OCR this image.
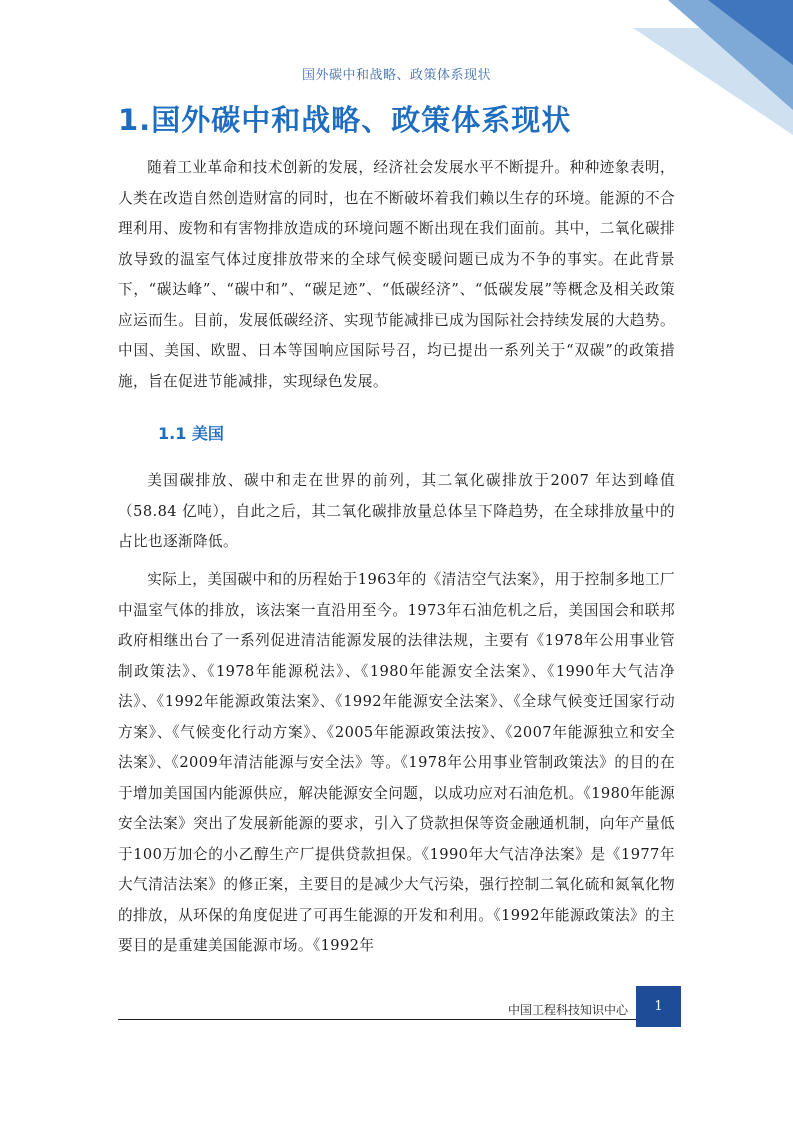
国外碳中和战略、政策体系现状
1.国外碳中和战略、政策体系现状

随着工业革命和技术创新的发展，经济社会发展水平不断提升。种种迹象表明，人类在改造自然创造财富的同时，也在不断破坏着我们赖以生存的环境。能源的不合理利用、废物和有害物排放造成的环境问题不断出现在我们面前。其中，二氧化碳排放导致的温室气体过度排放带来的全球气候变暖问题已成为不争的事实。在此背景下，“碳达峰”、“碳中和”、“碳足迹”、“低碳经济”、“低碳发展”等概念及相关政策应运而生。目前，发展低碳经济、实现节能减排已成为国际社会持续发展的大趋势。中国、美国、欧盟、日本等国响应国际号召，均已提出一系列关于“双碳”的政策措施，旨在促进节能减排，实现绿色发展。

1.1 美国

美国碳排放、碳中和走在世界的前列，其二氧化碳排放于2007 年达到峰值（58.84 亿吨），自此之后，其二氧化碳排放量总体呈下降趋势，在全球排放量中的占比也逐渐降低。

实际上，美国碳中和的历程始于1963年的《清洁空气法案》，用于控制多地工厂中温室气体的排放，该法案一直沿用至今。1973年石油危机之后，美国国会和联邦政府相继出台了一系列促进清洁能源发展的法律法规，主要有《1978年公用事业管制政策法》、《1978年能源税法》、《1980年能源安全法案》、《1990年大气洁净法》、《1992年能源政策法案》、《1992年能源安全法案》、《全球气候变迁国家行动方案》、《气候变化行动方案》、《2005年能源政策法按》、《2007年能源独立和安全法案》、《2009年清洁能源与安全法》等。《1978年公用事业管制政策法》的目的在于增加美国国内能源供应，解决能源安全问题，以成功应对石油危机。《1980年能源安全法案》突出了发展新能源的要求，引入了贷款担保等资金融通机制，向年产量低于100万加仑的小乙醇生产厂提供贷款担保。《1990年大气洁净法案》是《1977年大气清洁法案》的修正案，主要目的是减少大气污染，强行控制二氧化硫和氮氧化物的排放，从环保的角度促进了可再生能源的开发和利用。《1992年能源政策法》的主要目的是重建美国能源市场。《1992年

中国工程科技知识中心	1
